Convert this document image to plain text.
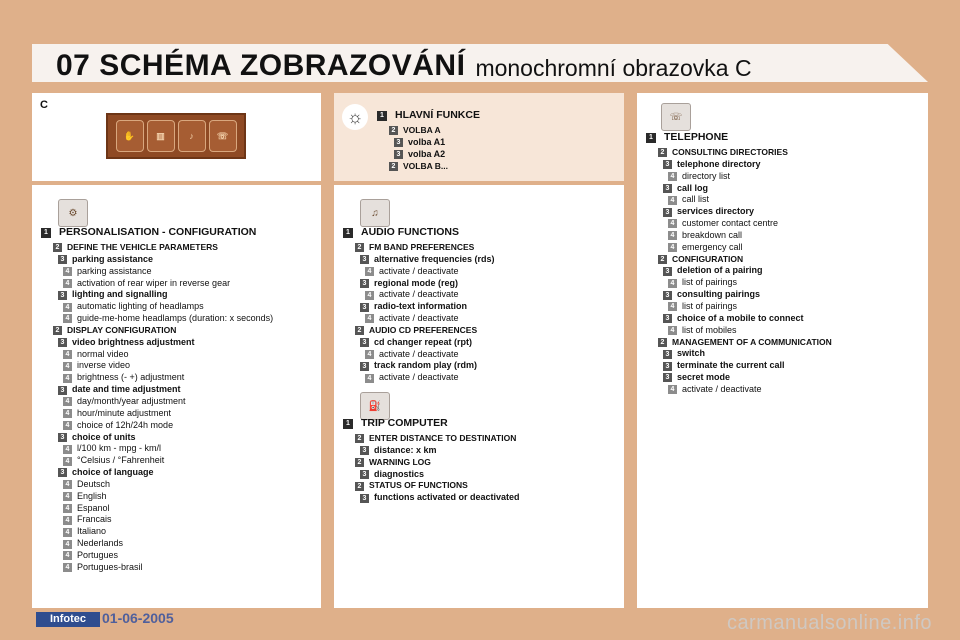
07 SCHÉMA ZOBRAZOVÁNÍ monochromní obrazovka C
C
✋	▥	♪	☏
☼
⚙	♫
⛽
☏
1 PERSONALISATION - CONFIGURATION
2 DEFINE THE VEHICLE PARAMETERS
3 parking assistance
4 parking assistance
4 activation of rear wiper in reverse gear
3 lighting and signalling
4 automatic lighting of headlamps
4 guide-me-home headlamps (duration: x seconds)
2 DISPLAY CONFIGURATION
3 video brightness adjustment
4 normal video
4 inverse video
4 brightness (- +) adjustment
3 date and time adjustment
4 day/month/year adjustment
4 hour/minute adjustment
4 choice of 12h/24h mode
3 choice of units
4 l/100 km - mpg - km/l
4 °Celsius / °Fahrenheit
3 choice of language
4 Deutsch
4 English
4 Espanol
4 Francais
4 Italiano
4 Nederlands
4 Portugues
4 Portugues-brasil
1 HLAVNÍ FUNKCE
2 VOLBA A
3 volba A1
3 volba A2
2 VOLBA B...
1 AUDIO FUNCTIONS
2 FM BAND PREFERENCES
3 alternative frequencies (rds)
4 activate / deactivate
3 regional mode (reg)
4 activate / deactivate
3 radio-text information
4 activate / deactivate
2 AUDIO CD PREFERENCES
3 cd changer repeat (rpt)
4 activate / deactivate
3 track random play (rdm)
4 activate / deactivate
1 TRIP COMPUTER
2 ENTER DISTANCE TO DESTINATION
3 distance: x km
2 WARNING LOG
3 diagnostics
2 STATUS OF FUNCTIONS
3 functions activated or deactivated
1 TELEPHONE
2 CONSULTING DIRECTORIES
3 telephone directory
4 directory list
3 call log
4 call list
3 services directory
4 customer contact centre
4 breakdown call
4 emergency call
2 CONFIGURATION
3 deletion of a pairing
4 list of pairings
3 consulting pairings
4 list of pairings
3 choice of a mobile to connect
4 list of mobiles
2 MANAGEMENT OF A COMMUNICATION
3 switch
3 terminate the current call
3 secret mode
4 activate / deactivate
Infotec	01-06-2005	carmanualsonline.info
